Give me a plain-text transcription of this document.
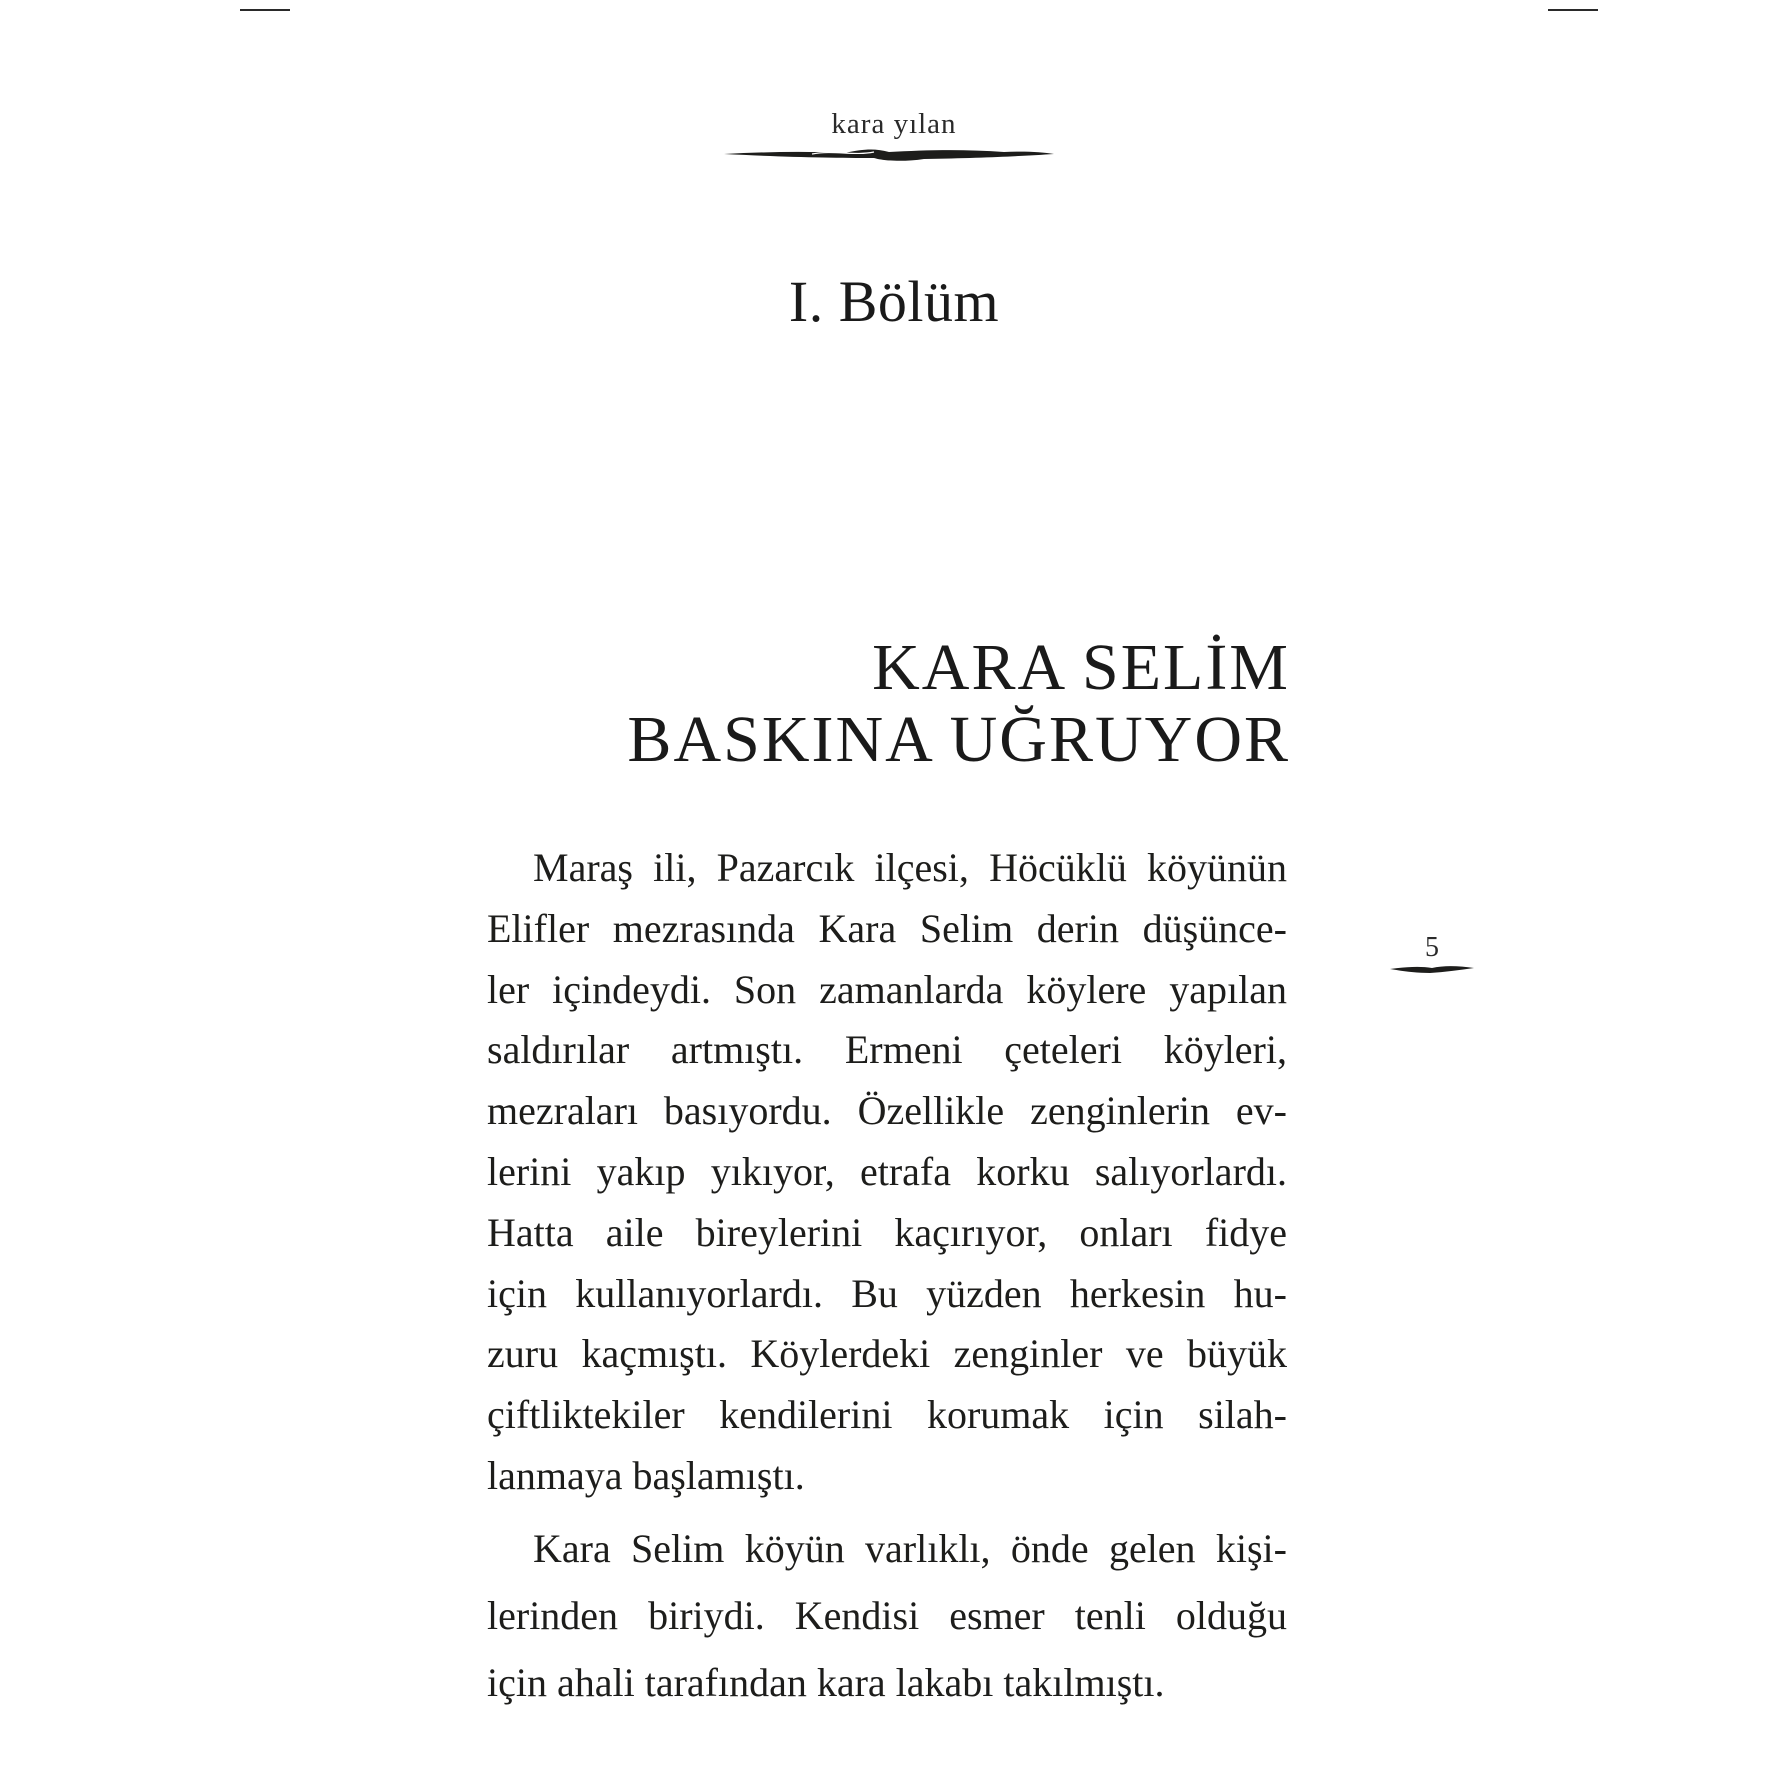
kara yılan
I. Bölüm
KARA SELİM
BASKINA UĞRUYOR
Maraş ili, Pazarcık ilçesi, Höcüklü köyünün
Elifler mezrasında Kara Selim derin düşünce-
ler içindeydi. Son zamanlarda köylere yapılan
saldırılar artmıştı. Ermeni çeteleri köyleri,
mezraları basıyordu. Özellikle zenginlerin ev-
lerini yakıp yıkıyor, etrafa korku salıyorlardı.
Hatta aile bireylerini kaçırıyor, onları fidye
için kullanıyorlardı. Bu yüzden herkesin hu-
zuru kaçmıştı. Köylerdeki zenginler ve büyük
çiftliktekiler kendilerini korumak için silah-
lanmaya başlamıştı.
Kara Selim köyün varlıklı, önde gelen kişi-
lerinden biriydi. Kendisi esmer tenli olduğu
için ahali tarafından kara lakabı takılmıştı.
5
